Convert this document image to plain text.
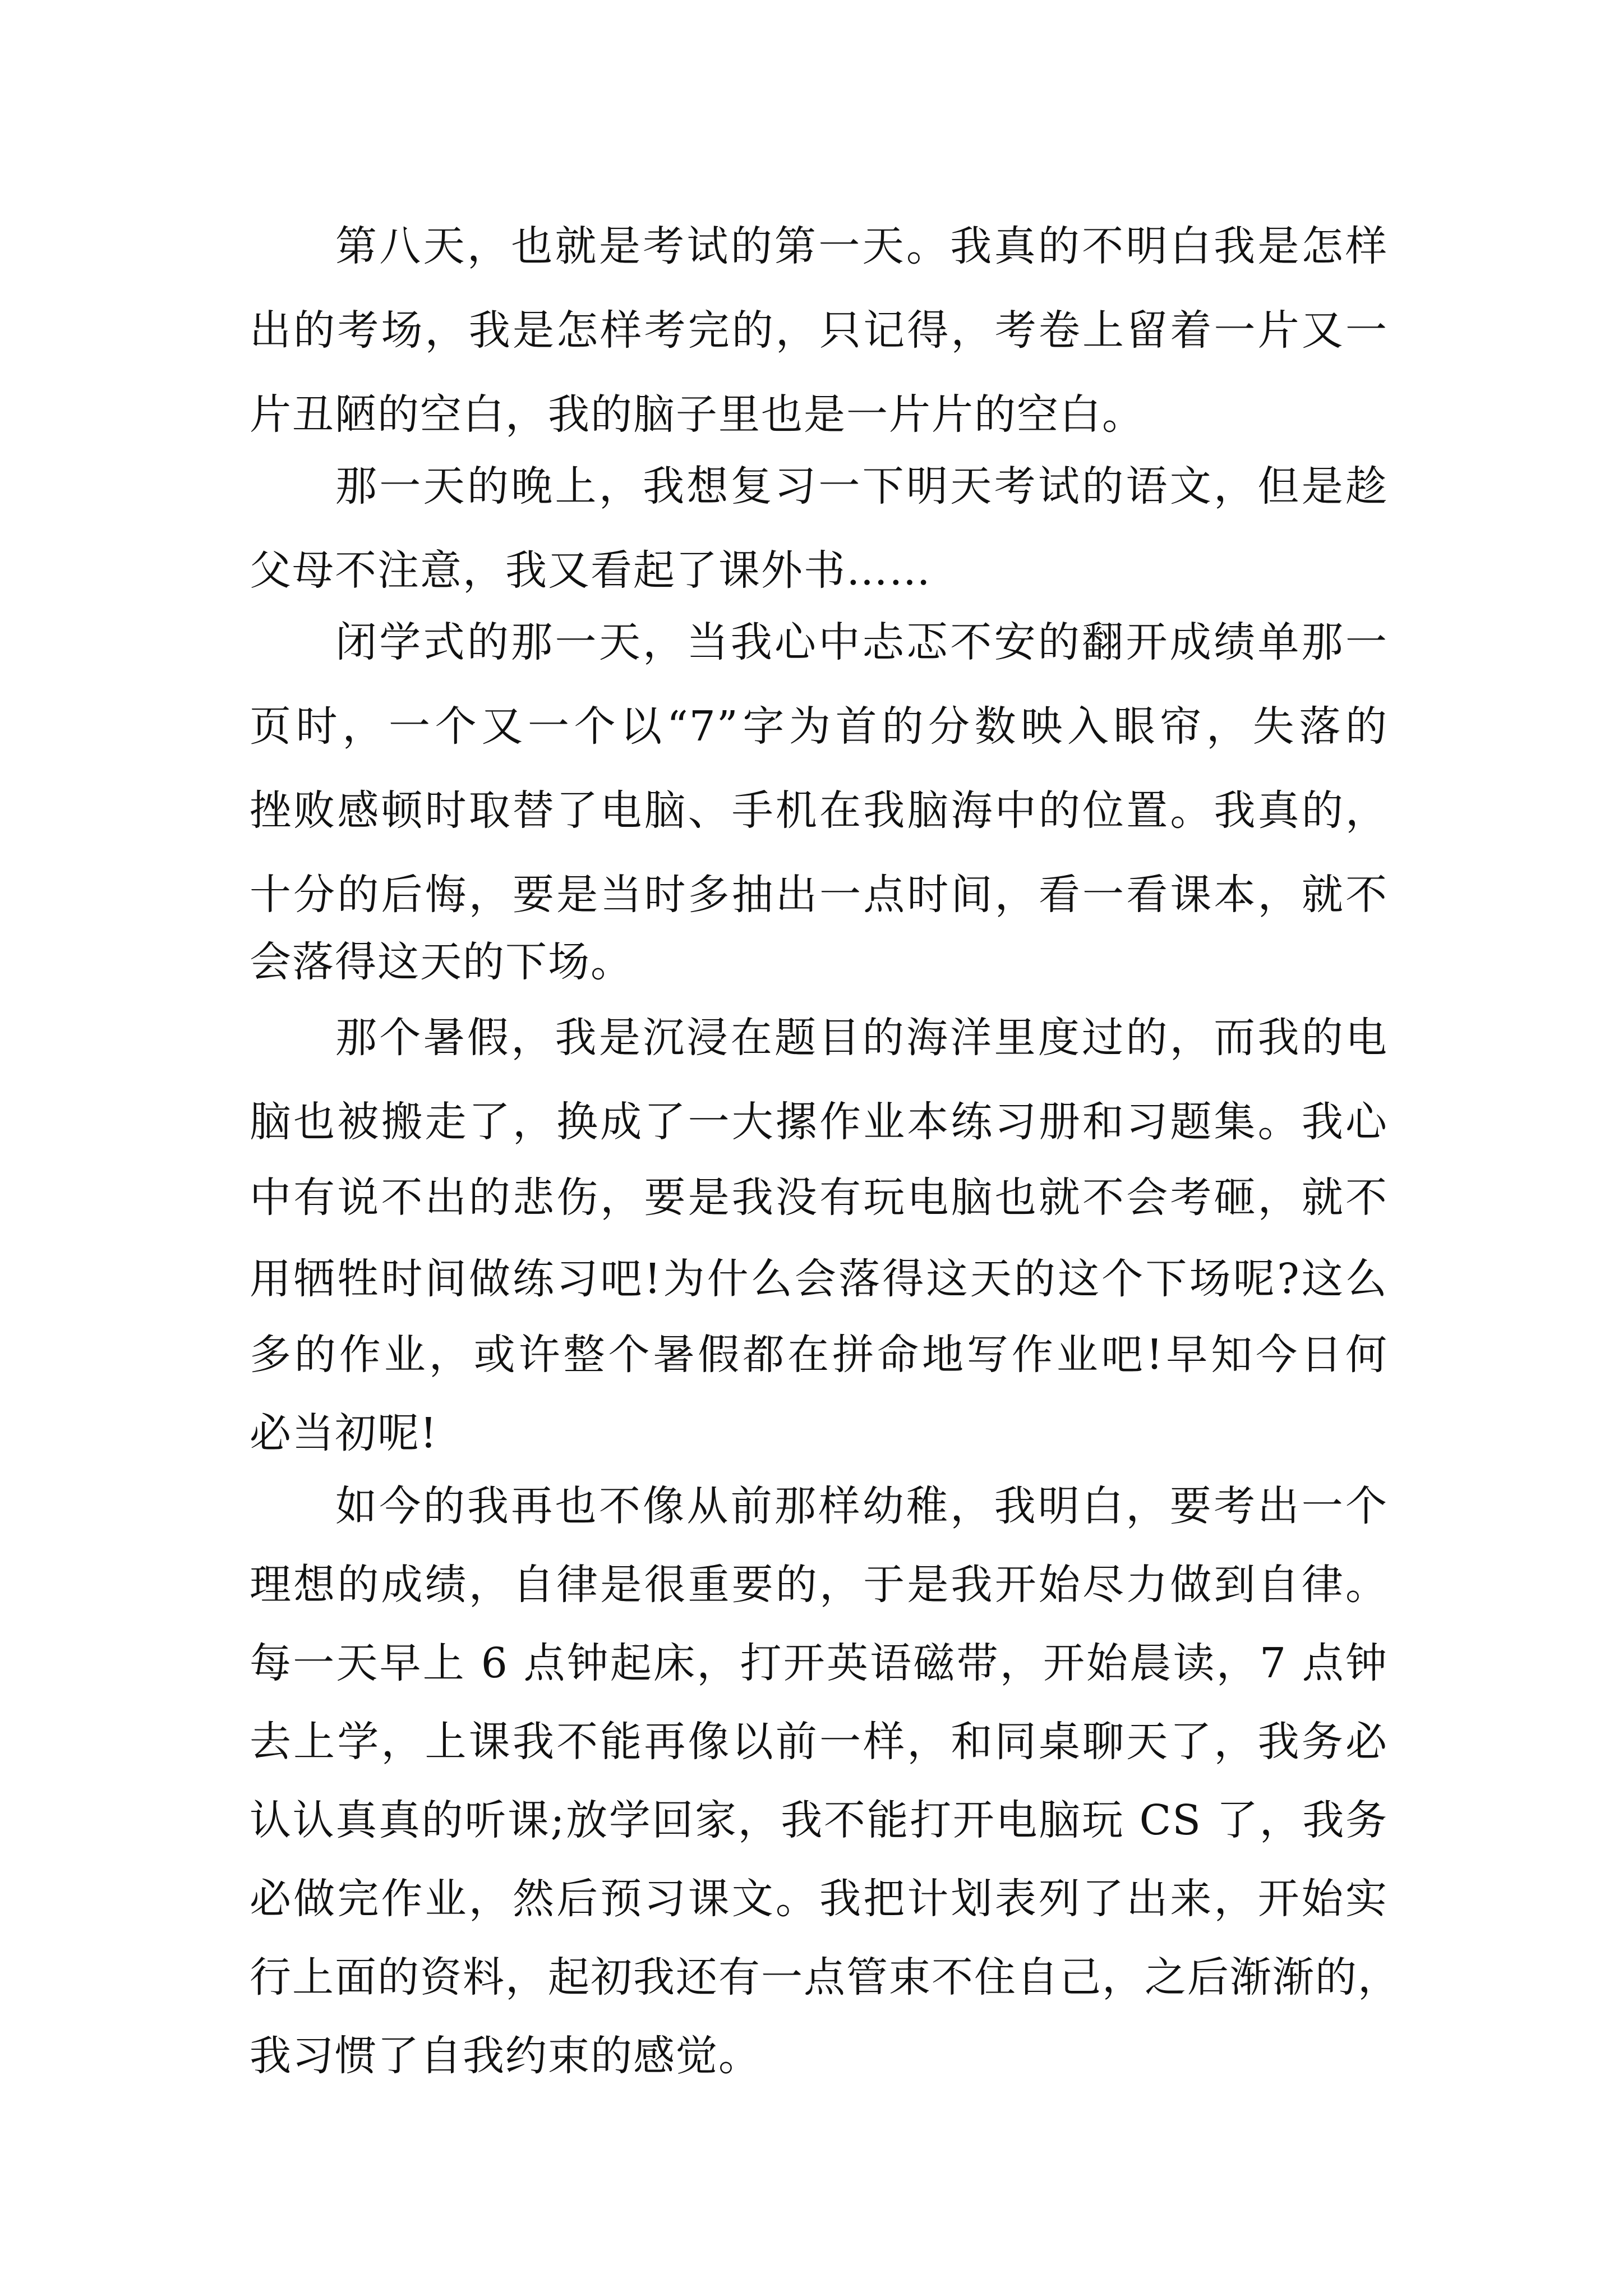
第八天，也就是考试的第一天。我真的不明白我是怎样
出的考场，我是怎样考完的，只记得，考卷上留着一片又一
片丑陋的空白，我的脑子里也是一片片的空白。
那一天的晚上，我想复习一下明天考试的语文，但是趁
父母不注意，我又看起了课外书……
闭学式的那一天，当我心中忐忑不安的翻开成绩单那一
页时，一个又一个以“7”字为首的分数映入眼帘，失落的
挫败感顿时取替了电脑、手机在我脑海中的位置。我真的，
十分的后悔，要是当时多抽出一点时间，看一看课本，就不
会落得这天的下场。
那个暑假，我是沉浸在题目的海洋里度过的，而我的电
脑也被搬走了，换成了一大摞作业本练习册和习题集。我心
中有说不出的悲伤，要是我没有玩电脑也就不会考砸，就不
用牺牲时间做练习吧!为什么会落得这天的这个下场呢?这么
多的作业，或许整个暑假都在拼命地写作业吧!早知今日何
必当初呢!
如今的我再也不像从前那样幼稚，我明白，要考出一个
理想的成绩，自律是很重要的，于是我开始尽力做到自律。
每一天早上 6 点钟起床，打开英语磁带，开始晨读，7 点钟
去上学，上课我不能再像以前一样，和同桌聊天了，我务必
认认真真的听课;放学回家，我不能打开电脑玩 CS 了，我务
必做完作业，然后预习课文。我把计划表列了出来，开始实
行上面的资料，起初我还有一点管束不住自己，之后渐渐的，
我习惯了自我约束的感觉。
